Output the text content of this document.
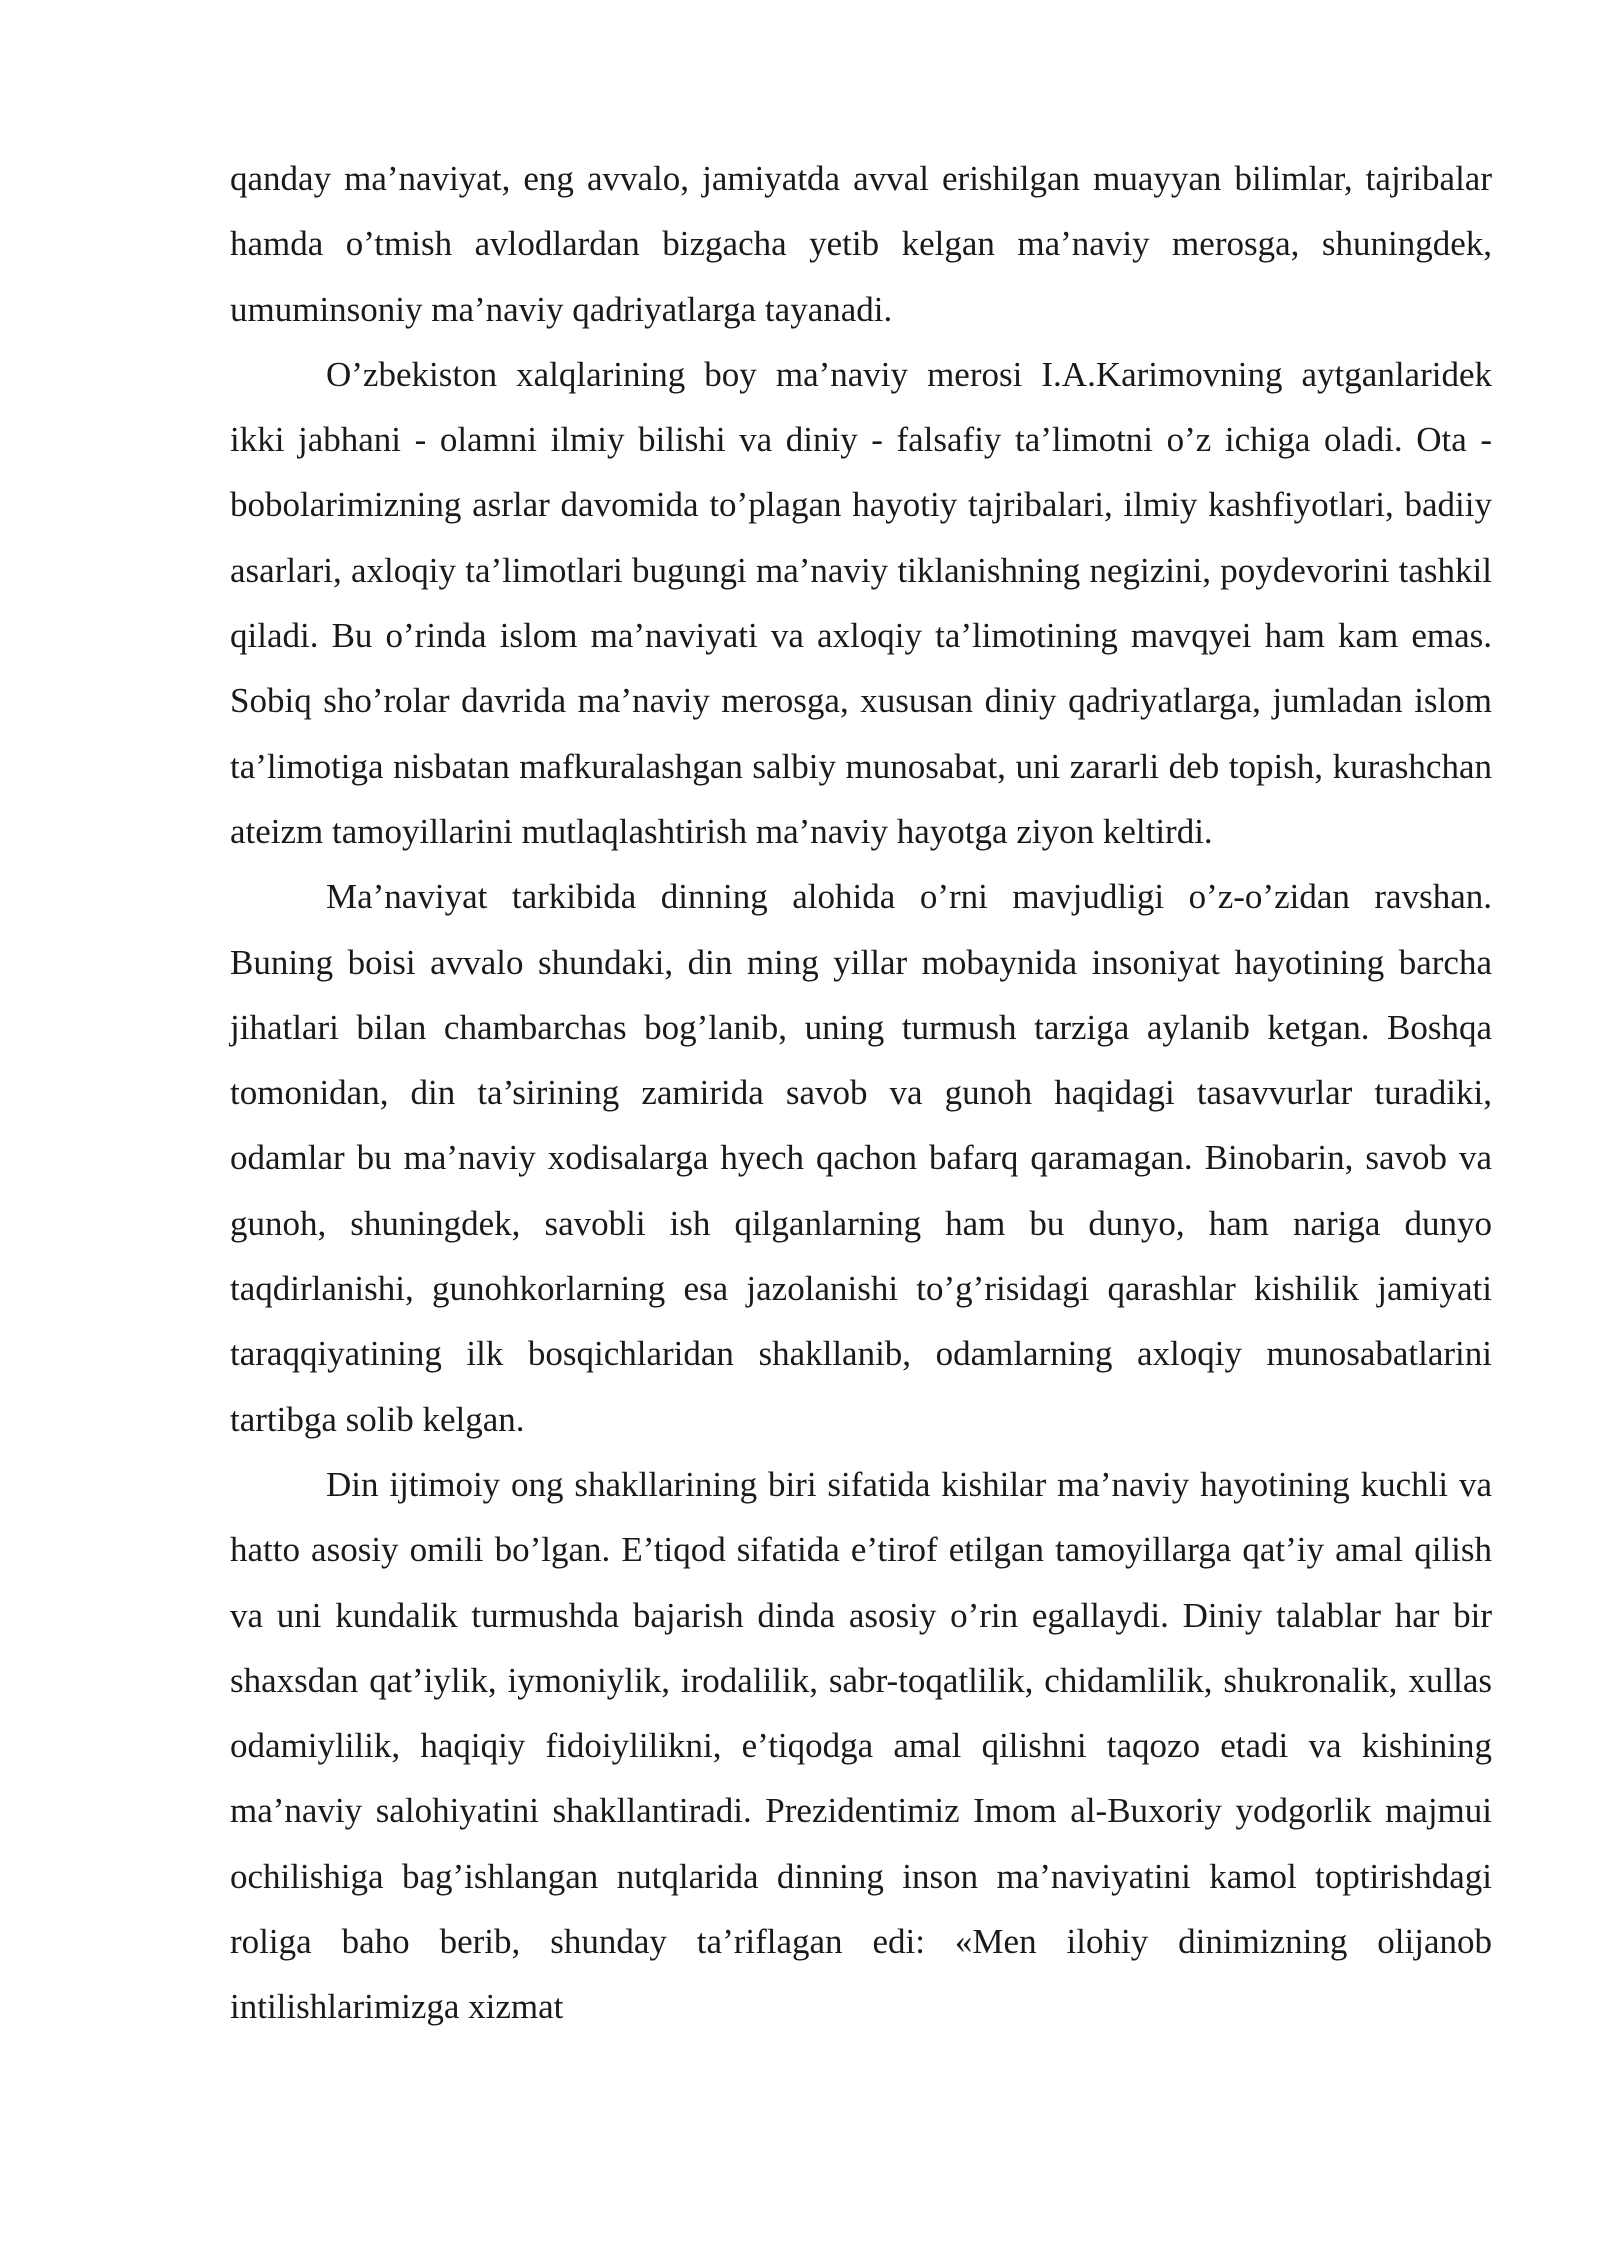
qanday ma’naviyat, eng avvalo, jamiyatda avval erishilgan muayyan bilimlar, tajribalar hamda o’tmish avlodlardan bizgacha yetib kelgan ma’naviy merosga, shuningdek, umuminsoniy ma’naviy qadriyatlarga tayanadi.

O’zbekiston xalqlarining boy ma’naviy merosi I.A.Karimovning aytganlaridek ikki jabhani - olamni ilmiy bilishi va diniy - falsafiy ta’limotni o’z ichiga oladi. Ota - bobolarimizning asrlar davomida to’plagan hayotiy tajribalari, ilmiy kashfiyotlari, badiiy asarlari, axloqiy ta’limotlari bugungi ma’naviy tiklanishning negizini, poydevorini tashkil qiladi. Bu o’rinda islom ma’naviyati va axloqiy ta’limotining mavqyei ham kam emas. Sobiq sho’rolar davrida ma’naviy merosga, xususan diniy qadriyatlarga, jumladan islom ta’limotiga nisbatan mafkuralashgan salbiy munosabat, uni zararli deb topish, kurashchan ateizm tamoyillarini mutlaqlashtirish ma’naviy hayotga ziyon keltirdi.

Ma’naviyat tarkibida dinning alohida o’rni mavjudligi o’z-o’zidan ravshan. Buning boisi avvalo shundaki, din ming yillar mobaynida insoniyat hayotining barcha jihatlari bilan chambarchas bog’lanib, uning turmush tarziga aylanib ketgan. Boshqa tomonidan, din ta’sirining zamirida savob va gunoh haqidagi tasavvurlar turadiki, odamlar bu ma’naviy xodisalarga hyech qachon bafarq qaramagan. Binobarin, savob va gunoh, shuningdek, savobli ish qilganlarning ham bu dunyo, ham nariga dunyo taqdirlanishi, gunohkorlarning esa jazolanishi to’g’risidagi qarashlar kishilik jamiyati taraqqiyatining ilk bosqichlaridan shakllanib, odamlarning axloqiy munosabatlarini tartibga solib kelgan.

Din ijtimoiy ong shakllarining biri sifatida kishilar ma’naviy hayotining kuchli va hatto asosiy omili bo’lgan. E’tiqod sifatida e’tirof etilgan tamoyillarga qat’iy amal qilish va uni kundalik turmushda bajarish dinda asosiy o’rin egallaydi. Diniy talablar har bir shaxsdan qat’iylik, iymoniylik, irodalilik, sabr-toqatlilik, chidamlilik, shukronalik, xullas odamiylilik, haqiqiy fidoiylilikni, e’tiqodga amal qilishni taqozo etadi va kishining ma’naviy salohiyatini shakllantiradi. Prezidentimiz Imom al-Buxoriy yodgorlik majmui ochilishiga bag’ishlangan nutqlarida dinning inson ma’naviyatini kamol toptirishdagi roliga baho berib, shunday ta’riflagan edi: «Men ilohiy dinimizning olijanob intilishlarimizga xizmat
